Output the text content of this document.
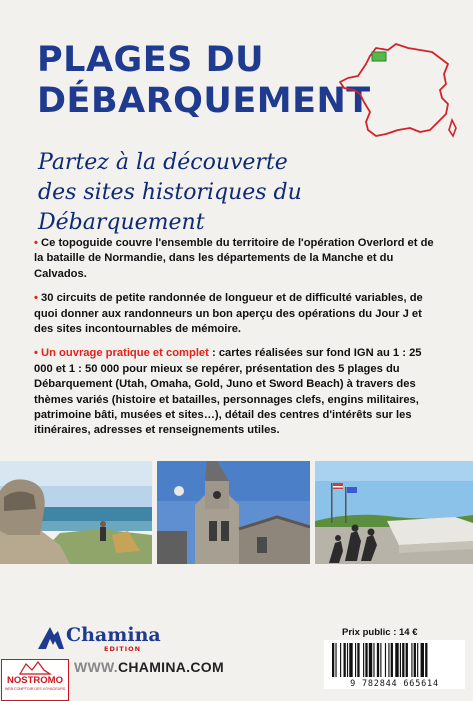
PLAGES DU
DÉBARQUEMENT
Partez à la découverte
des sites historiques du Débarquement
• Ce topoguide couvre l'ensemble du territoire de l'opération Overlord et de la bataille de Normandie, dans les départements de la Manche et du Calvados.
• 30 circuits de petite randonnée de longueur et de difficulté variables, de quoi donner aux randonneurs un bon aperçu des opérations du Jour J et des sites incontournables de mémoire.
• Un ouvrage pratique et complet : cartes réalisées sur fond IGN au 1 : 25 000 et 1 : 50 000 pour mieux se repérer, présentation des 5 plages du Débarquement (Utah, Omaha, Gold, Juno et Sword Beach) à travers des thèmes variés (histoire et batailles, personnages clefs, engins militaires, patrimoine bâti, musées et sites…), détail des centres d'intérêts sur les itinéraires, adresses et renseignements utiles.
Chamina
EDITION
WWW.CHAMINA.COM
Prix public : 14 €
9 782844 665614
NOSTROMO
WEB COMPTOIR DES VOYAGEURS
